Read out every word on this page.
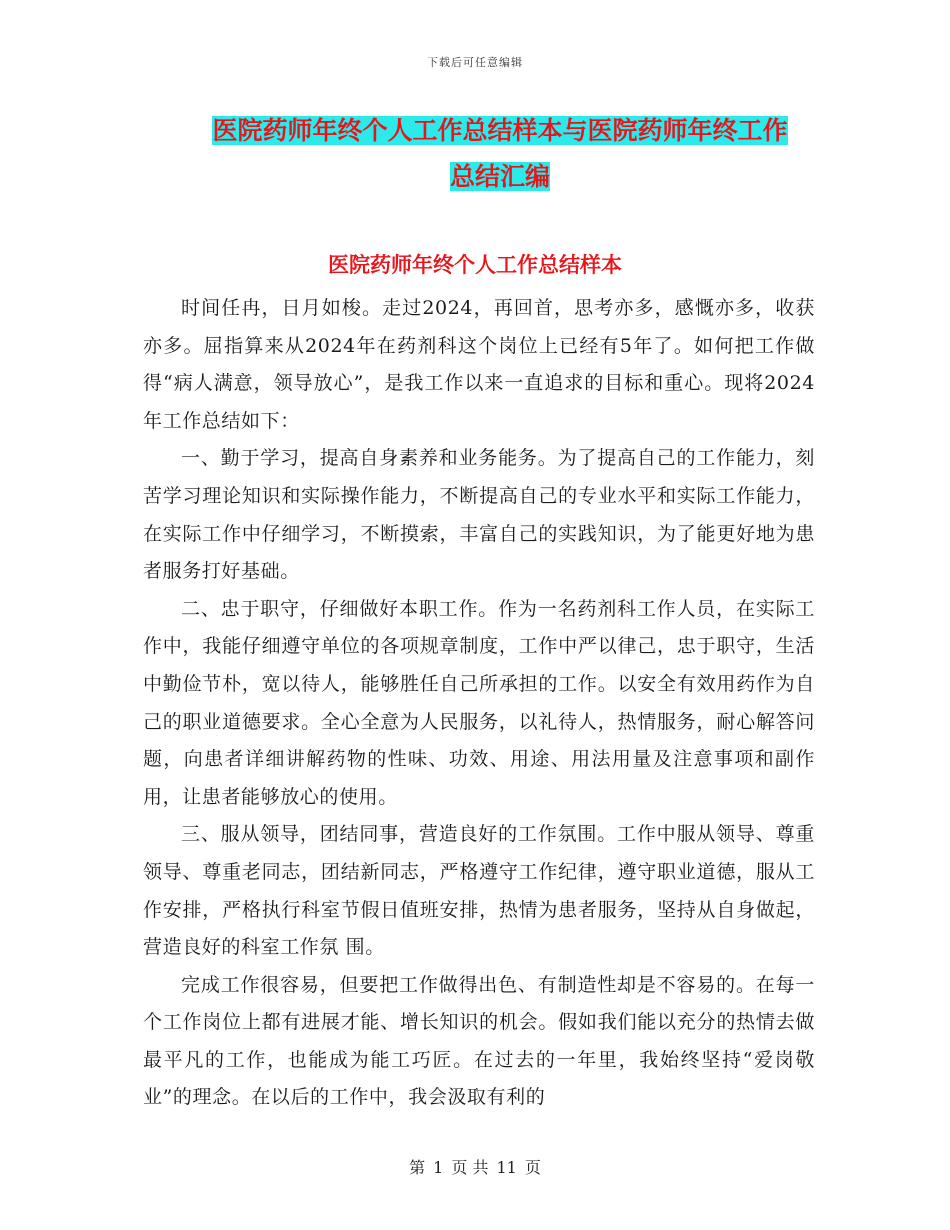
下载后可任意编辑
医院药师年终个人工作总结样本与医院药师年终工作
总结汇编
医院药师年终个人工作总结样本

时间任冉，日月如梭。走过2024，再回首，思考亦多，感慨亦多，收获亦多。屈指算来从2024年在药剂科这个岗位上已经有5年了。如何把工作做得“病人满意，领导放心”，是我工作以来一直追求的目标和重心。现将2024年工作总结如下：

一、勤于学习，提高自身素养和业务能务。为了提高自己的工作能力，刻苦学习理论知识和实际操作能力，不断提高自己的专业水平和实际工作能力，在实际工作中仔细学习，不断摸索，丰富自己的实践知识，为了能更好地为患者服务打好基础。

二、忠于职守，仔细做好本职工作。作为一名药剂科工作人员，在实际工作中，我能仔细遵守单位的各项规章制度，工作中严以律己，忠于职守，生活中勤俭节朴，宽以待人，能够胜任自己所承担的工作。以安全有效用药作为自己的职业道德要求。全心全意为人民服务，以礼待人，热情服务，耐心解答问题，向患者详细讲解药物的性味、功效、用途、用法用量及注意事项和副作用，让患者能够放心的使用。

三、服从领导，团结同事，营造良好的工作氛围。工作中服从领导、尊重领导、尊重老同志，团结新同志，严格遵守工作纪律，遵守职业道德，服从工作安排，严格执行科室节假日值班安排，热情为患者服务，坚持从自身做起，营造良好的科室工作氛 围。

完成工作很容易，但要把工作做得出色、有制造性却是不容易的。在每一个工作岗位上都有进展才能、增长知识的机会。假如我们能以充分的热情去做最平凡的工作，也能成为能工巧匠。在过去的一年里，我始终坚持“爱岗敬业”的理念。在以后的工作中，我会汲取有利的

第 1 页 共 11 页
